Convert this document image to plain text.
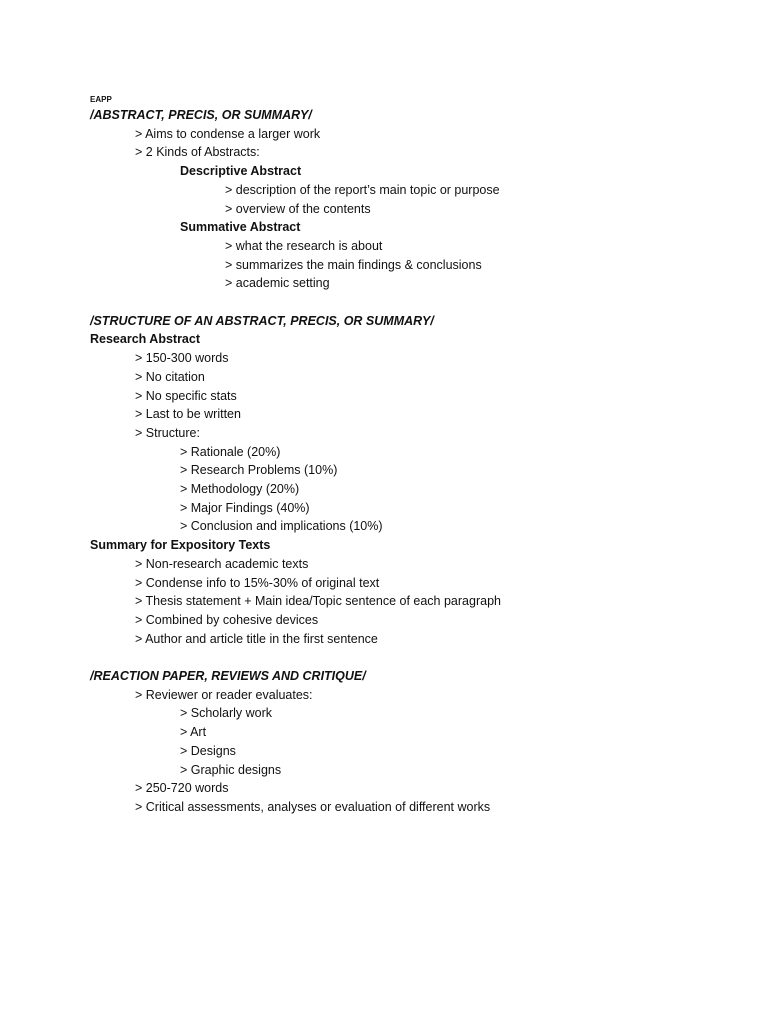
EAPP
/ABSTRACT, PRECIS, OR SUMMARY/
> Aims to condense a larger work
> 2 Kinds of Abstracts:
Descriptive Abstract
> description of the report’s main topic or purpose
> overview of the contents
Summative Abstract
> what the research is about
> summarizes the main findings & conclusions
> academic setting
/STRUCTURE OF AN ABSTRACT, PRECIS, OR SUMMARY/
Research Abstract
> 150-300 words
> No citation
> No specific stats
> Last to be written
> Structure:
> Rationale (20%)
> Research Problems (10%)
> Methodology (20%)
> Major Findings (40%)
> Conclusion and implications (10%)
Summary for Expository Texts
> Non-research academic texts
> Condense info to 15%-30% of original text
> Thesis statement + Main idea/Topic sentence of each paragraph
> Combined by cohesive devices
> Author and article title in the first sentence
/REACTION PAPER, REVIEWS AND CRITIQUE/
> Reviewer or reader evaluates:
> Scholarly work
> Art
> Designs
> Graphic designs
> 250-720 words
> Critical assessments, analyses or evaluation of different works
